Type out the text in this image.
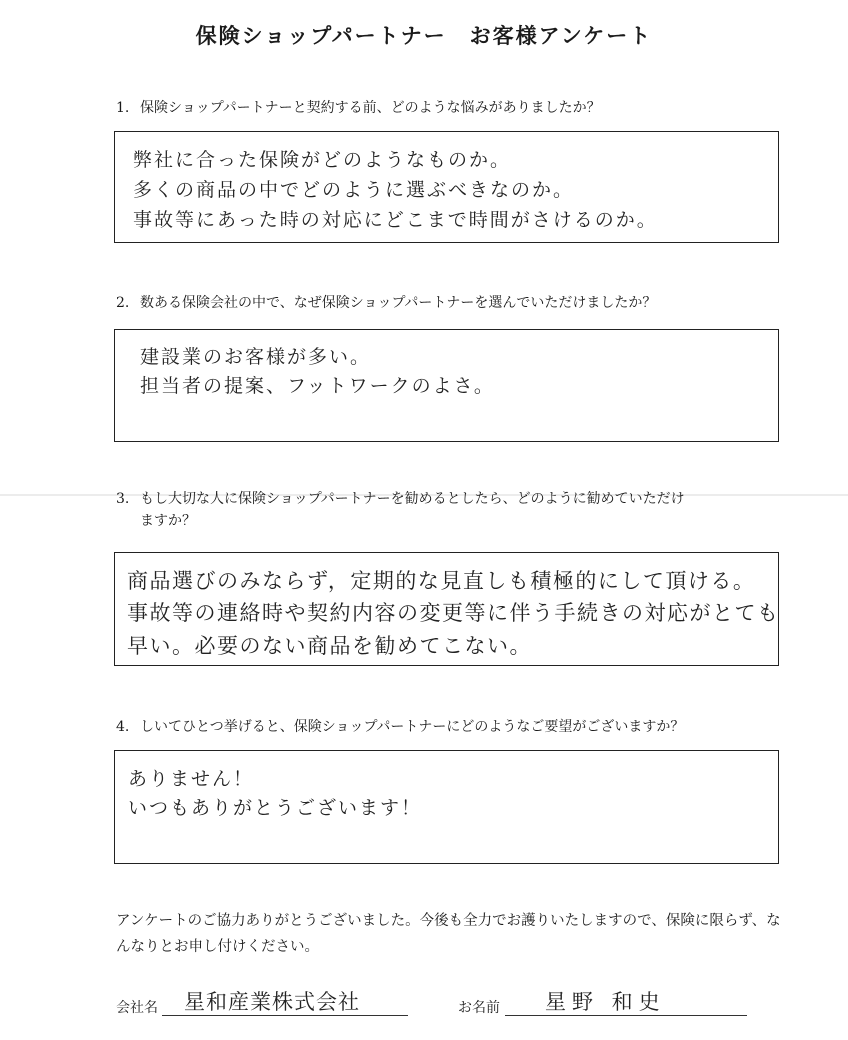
保険ショップパートナー　お客様アンケート
1. 保険ショップパートナーと契約する前、どのような悩みがありましたか？
弊社に合った保険がどのようなものか。
多くの商品の中でどのように選ぶべきなのか。
事故等にあった時の対応にどこまで時間がさけるのか。
2. 数ある保険会社の中で、なぜ保険ショップパートナーを選んでいただけましたか？
建設業のお客様が多い。
担当者の提案、フットワークのよさ。
3. もし大切な人に保険ショップパートナーを勧めるとしたら、どのように勧めていただけ
ますか？
商品選びのみならず，定期的な見直しも積極的にして頂ける。
事故等の連絡時や契約内容の変更等に伴う手続きの対応がとても
早い。必要のない商品を勧めてこない。
4. しいてひとつ挙げると、保険ショップパートナーにどのようなご要望がございますか？
ありません！
いつもありがとうございます！
アンケートのご協力ありがとうございました。今後も全力でお護りいたしますので、保険に限らず、なんなりとお申し付けください。
会社名 星和産業株式会社	お名前 星野 和史
